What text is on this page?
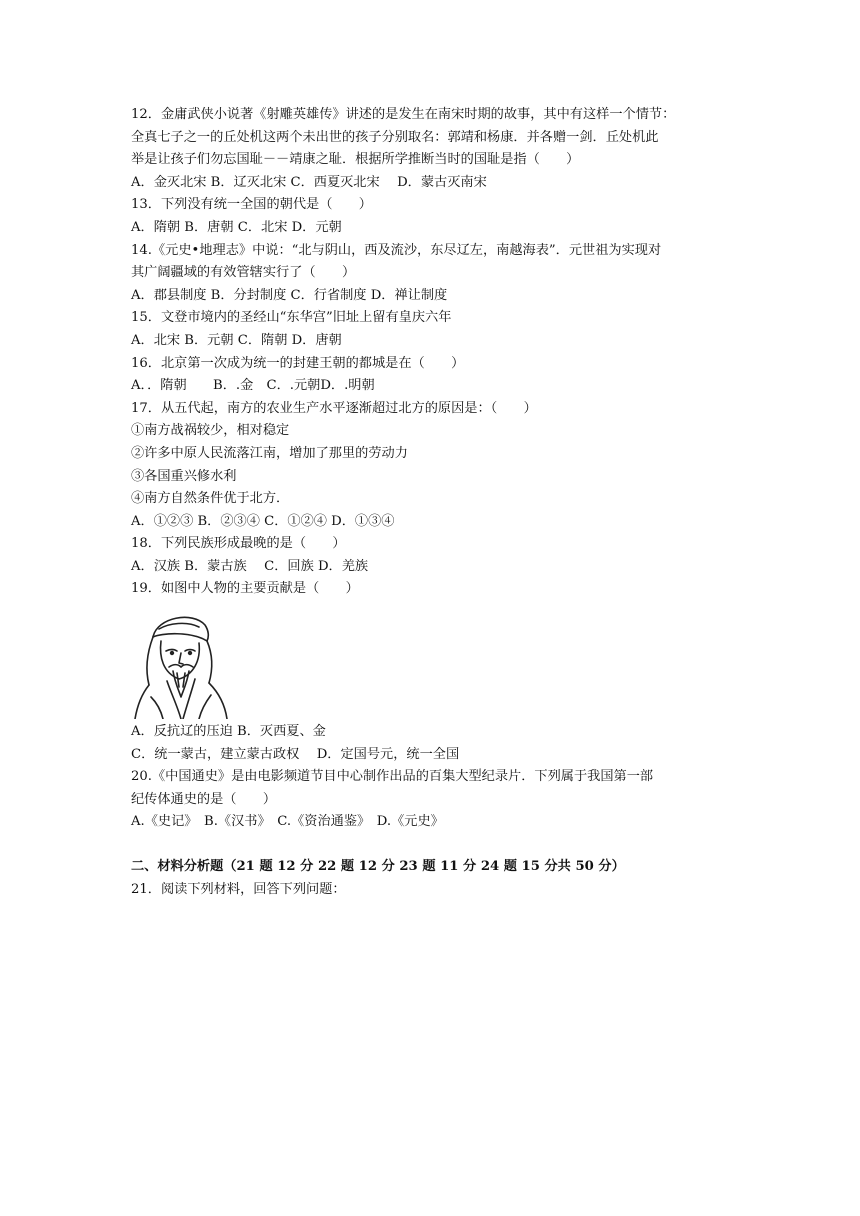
12．金庸武侠小说著《射雕英雄传》讲述的是发生在南宋时期的故事，其中有这样一个情节：
全真七子之一的丘处机这两个未出世的孩子分别取名：郭靖和杨康．并各赠一剑．丘处机此
举是让孩子们勿忘国耻－－靖康之耻．根据所学推断当时的国耻是指（　　）
A．金灭北宋 B．辽灭北宋 C．西夏灭北宋　 D．蒙古灭南宋
13．下列没有统一全国的朝代是（　　）
A．隋朝 B．唐朝 C．北宋 D．元朝
14.《元史•地理志》中说：“北与阴山，西及流沙，东尽辽左，南越海表”．元世祖为实现对
其广阔疆域的有效管辖实行了（　　）
A．郡县制度 B．分封制度 C．行省制度 D．禅让制度
15．文登市境内的圣经山“东华宫”旧址上留有皇庆六年
A．北宋 B．元朝 C．隋朝 D．唐朝
16．北京第一次成为统一的封建王朝的都城是在（　　）
A．．隋朝　　B．.金　C．.元朝D．.明朝
17．从五代起，南方的农业生产水平逐渐超过北方的原因是：（　　）
①南方战祸较少，相对稳定
②许多中原人民流落江南，增加了那里的劳动力
③各国重兴修水利
④南方自然条件优于北方．
A．①②③ B．②③④ C．①②④ D．①③④
18．下列民族形成最晚的是（　　）
A．汉族 B．蒙古族　 C．回族 D．羌族
19．如图中人物的主要贡献是（　　）
A．反抗辽的压迫 B．灭西夏、金
C．统一蒙古，建立蒙古政权　 D．定国号元，统一全国
20.《中国通史》是由电影频道节目中心制作出品的百集大型纪录片．下列属于我国第一部
纪传体通史的是（　　）
A.《史记》　B.《汉书》　C.《资治通鉴》　D.《元史》
二、材料分析题（21 题 12 分 22 题 12 分 23 题 11 分 24 题 15 分共 50 分）
21．阅读下列材料，回答下列问题：
